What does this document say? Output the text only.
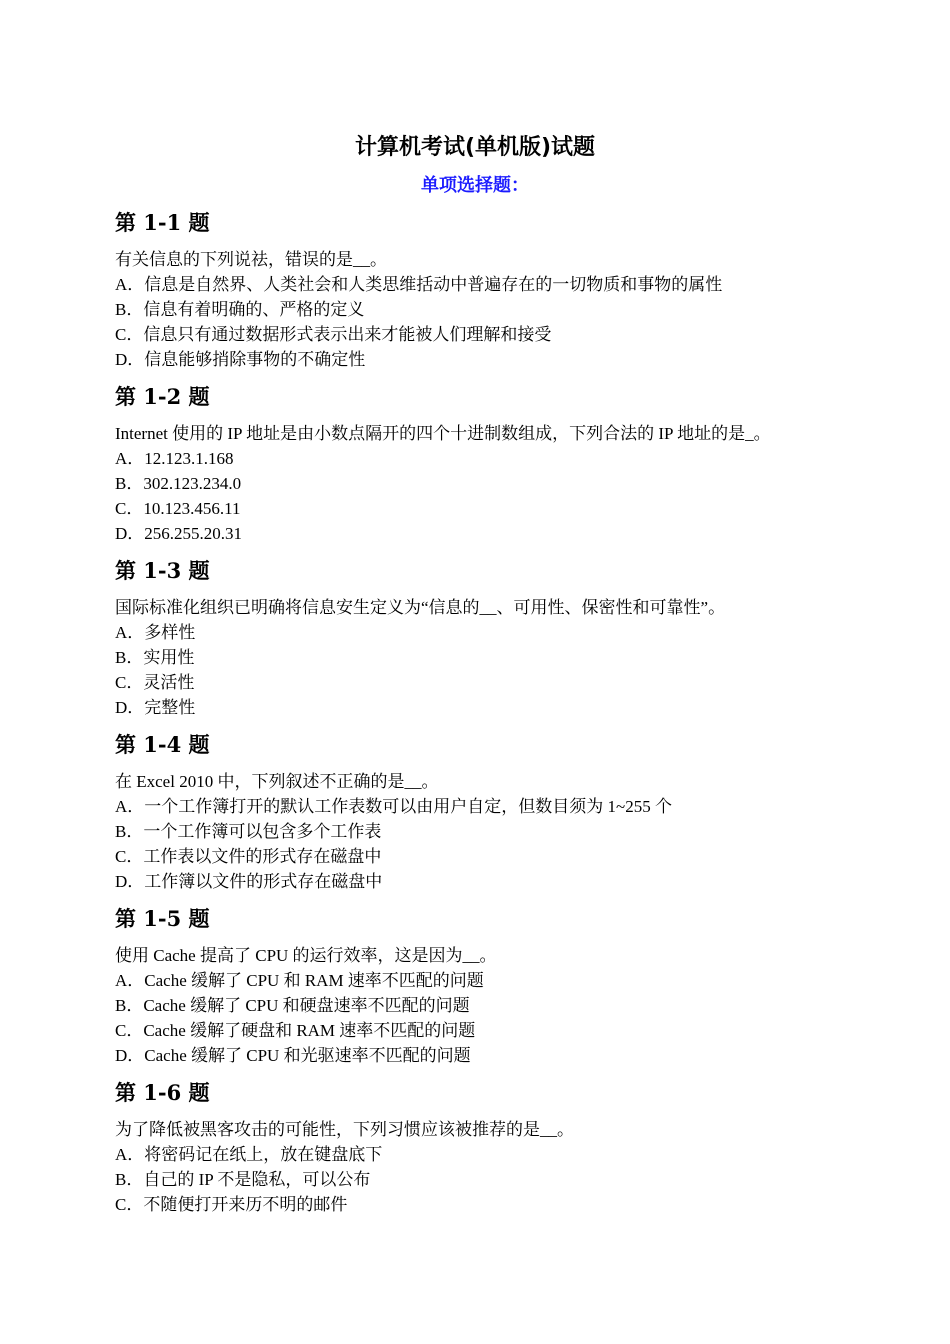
计算机考试(单机版)试题
单项选择题：
第 1-1 题
有关信息的下列说祛，错误的是__。
A．信息是自然界、人类社会和人类思维括动中普遍存在的一切物质和事物的属性
B．信息有着明确的、严格的定义
C．信息只有通过数据形式表示出来才能被人们理解和接受
D．信息能够捎除事物的不确定性
第 1-2 题
Internet 使用的 IP 地址是由小数点隔开的四个十进制数组成，下列合法的 IP 地址的是_。
A．12.123.1.168
B．302.123.234.0
C．10.123.456.11
D．256.255.20.31
第 1-3 题
国际标准化组织已明确将信息安生定义为“信息的__、可用性、保密性和可靠性”。
A．多样性
B．实用性
C．灵活性
D．完整性
第 1-4 题
在 Excel 2010 中，下列叙述不正确的是__。
A．一个工作簿打开的默认工作表数可以由用户自定，但数目须为 1~255 个
B．一个工作簿可以包含多个工作表
C．工作表以文件的形式存在磁盘中
D．工作簿以文件的形式存在磁盘中
第 1-5 题
使用 Cache 提高了 CPU 的运行效率，这是因为__。
A．Cache 缓解了 CPU 和 RAM 速率不匹配的问题
B．Cache 缓解了 CPU 和硬盘速率不匹配的问题
C．Cache 缓解了硬盘和 RAM 速率不匹配的问题
D．Cache 缓解了 CPU 和光驱速率不匹配的问题
第 1-6 题
为了降低被黑客攻击的可能性，下列习惯应该被推荐的是__。
A．将密码记在纸上，放在键盘底下
B．自己的 IP 不是隐私，可以公布
C．不随便打开来历不明的邮件
